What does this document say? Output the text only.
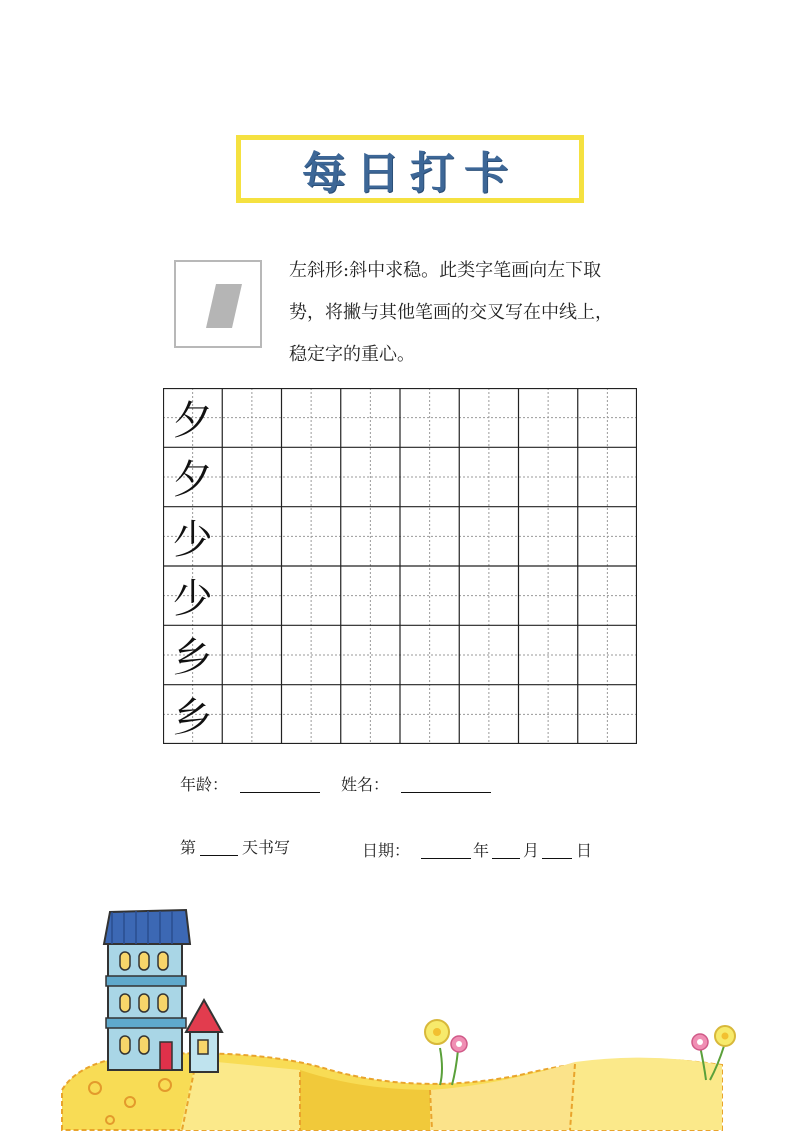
每日打卡
左斜形:斜中求稳。此类字笔画向左下取势，将撇与其他笔画的交叉写在中线上，稳定字的重心。
夕
夕
少
少
乡
乡
年龄：	姓名：
第	天书写	日期：	年 月 日
